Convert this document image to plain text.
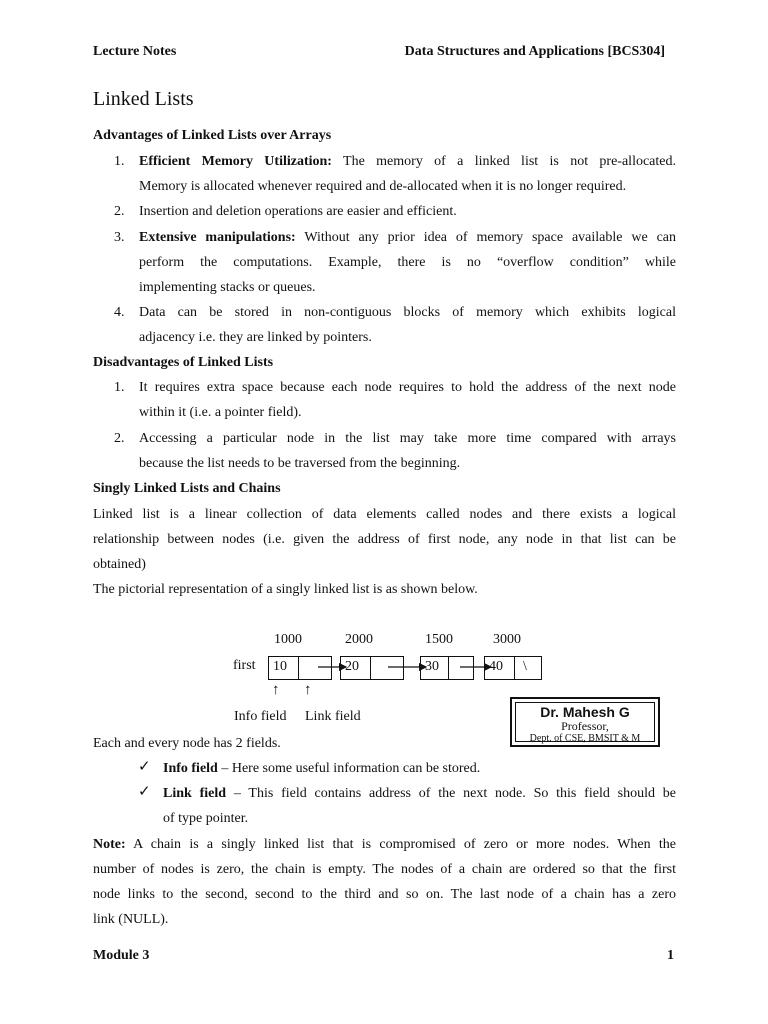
Lecture Notes	Data Structures and Applications [BCS304]
Linked Lists
Advantages of Linked Lists over Arrays
1. Efficient Memory Utilization: The memory of a linked list is not pre-allocated.
Memory is allocated whenever required and de-allocated when it is no longer required.
2. Insertion and deletion operations are easier and efficient.
3. Extensive manipulations: Without any prior idea of memory space available we can
perform the computations. Example, there is no “overflow condition” while
implementing stacks or queues.
4. Data can be stored in non-contiguous blocks of memory which exhibits logical
adjacency i.e. they are linked by pointers.
Disadvantages of Linked Lists
1. It requires extra space because each node requires to hold the address of the next node
within it (i.e. a pointer field).
2. Accessing a particular node in the list may take more time compared with arrays
because the list needs to be traversed from the beginning.
Singly Linked Lists and Chains
Linked list is a linear collection of data elements called nodes and there exists a logical
relationship between nodes (i.e. given the address of first node, any node in that list can be
obtained)
The pictorial representation of a singly linked list is as shown below.
1000	2000	1500	3000
first 10	20	30	40	\
↑ ↑
Info field Link field	Dr. Mahesh G
Professor,
Dept. of CSE, BMSIT & M
Each and every node has 2 fields.
✓ Info field – Here some useful information can be stored.
✓ Link field – This field contains address of the next node. So this field should be
of type pointer.
Note: A chain is a singly linked list that is compromised of zero or more nodes. When the
number of nodes is zero, the chain is empty. The nodes of a chain are ordered so that the first
node links to the second, second to the third and so on. The last node of a chain has a zero
link (NULL).
Module 3	1
